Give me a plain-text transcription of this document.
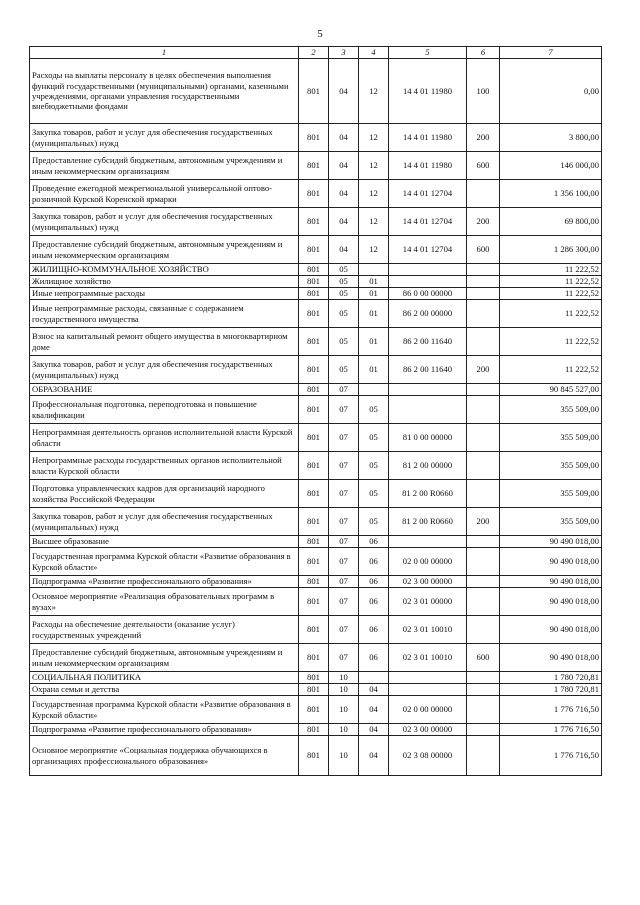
5
1	2	3	4	5	6	7
Расходы на выплаты персоналу в целях обеспечения выполнения функций государственными (муниципальными) органами, казенными учреждениями, органами управления государственными внебюджетными фондами	801	04	12	14 4 01 11980	100	0,00
Закупка товаров, работ и услуг для обеспечения государственных (муниципальных) нужд	801	04	12	14 4 01 11980	200	3 800,00
Предоставление субсидий бюджетным, автономным учреждениям и иным некоммерческим организациям	801	04	12	14 4 01 11980	600	146 000,00
Проведение ежегодной межрегиональной универсальной оптово-розничной Курской Коренской ярмарки	801	04	12	14 4 01 12704		1 356 100,00
Закупка товаров, работ и услуг для обеспечения государственных (муниципальных) нужд	801	04	12	14 4 01 12704	200	69 800,00
Предоставление субсидий бюджетным, автономным учреждениям и иным некоммерческим организациям	801	04	12	14 4 01 12704	600	1 286 300,00
ЖИЛИЩНО-КОММУНАЛЬНОЕ ХОЗЯЙСТВО	801	05				11 222,52
Жилищное хозяйство	801	05	01			11 222,52
Иные непрограммные расходы	801	05	01	86 0 00 00000		11 222,52
Иные непрограммные расходы, связанные с содержанием государственного имущества	801	05	01	86 2 00 00000		11 222,52
Взнос на капитальный ремонт общего имущества в многоквартирном доме	801	05	01	86 2 00 11640		11 222,52
Закупка товаров, работ и услуг для обеспечения государственных (муниципальных) нужд	801	05	01	86 2 00 11640	200	11 222,52
ОБРАЗОВАНИЕ	801	07				90 845 527,00
Профессиональная подготовка, переподготовка и повышение квалификации	801	07	05			355 509,00
Непрограммная деятельность органов исполнительной власти Курской области	801	07	05	81 0 00 00000		355 509,00
Непрограммные расходы государственных органов исполнительной власти Курской области	801	07	05	81 2 00 00000		355 509,00
Подготовка управленческих кадров для организаций народного хозяйства Российской Федерации	801	07	05	81 2 00 R0660		355 509,00
Закупка товаров, работ и услуг для обеспечения государственных (муниципальных) нужд	801	07	05	81 2 00 R0660	200	355 509,00
Высшее образование	801	07	06			90 490 018,00
Государственная программа Курской области «Развитие образования в Курской области»	801	07	06	02 0 00 00000		90 490 018,00
Подпрограмма «Развитие профессионального образования»	801	07	06	02 3 00 00000		90 490 018,00
Основное мероприятие «Реализация образовательных программ в вузах»	801	07	06	02 3 01 00000		90 490 018,00
Расходы на обеспечение деятельности (оказание услуг) государственных учреждений	801	07	06	02 3 01 10010		90 490 018,00
Предоставление субсидий бюджетным, автономным учреждениям и иным некоммерческим организациям	801	07	06	02 3 01 10010	600	90 490 018,00
СОЦИАЛЬНАЯ ПОЛИТИКА	801	10				1 780 720,81
Охрана семьи и детства	801	10	04			1 780 720,81
Государственная программа Курской области «Развитие образования в Курской области»	801	10	04	02 0 00 00000		1 776 716,50
Подпрограмма «Развитие профессионального образования»	801	10	04	02 3 00 00000		1 776 716,50
Основное мероприятие «Социальная поддержка обучающихся в организациях профессионального образования»	801	10	04	02 3 08 00000		1 776 716,50
